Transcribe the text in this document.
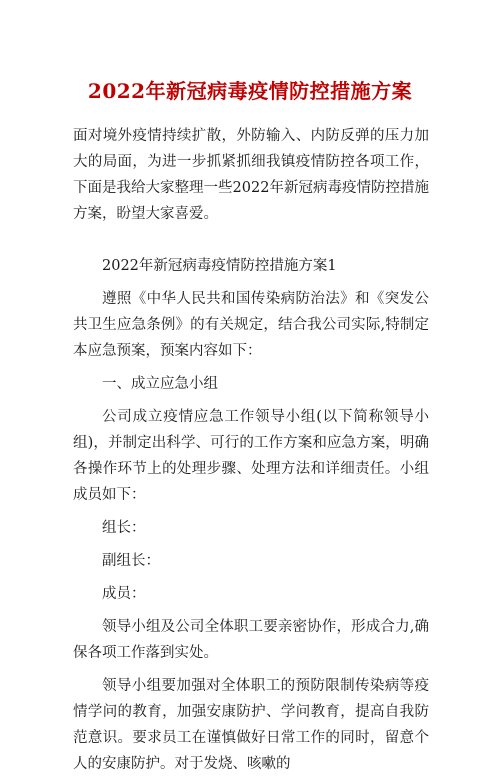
2022年新冠病毒疫情防控措施方案

面对境外疫情持续扩散，外防输入、内防反弹的压力加大的局面，为进一步抓紧抓细我镇疫情防控各项工作，下面是我给大家整理一些2022年新冠病毒疫情防控措施方案，盼望大家喜爱。

2022年新冠病毒疫情防控措施方案1

遵照《中华人民共和国传染病防治法》和《突发公共卫生应急条例》的有关规定，结合我公司实际,特制定本应急预案，预案内容如下：

一、成立应急小组

公司成立疫情应急工作领导小组(以下简称领导小组)，并制定出科学、可行的工作方案和应急方案，明确各操作环节上的处理步骤、处理方法和详细责任。小组成员如下：

组长：

副组长：

成员：

领导小组及公司全体职工要亲密协作，形成合力,确保各项工作落到实处。

领导小组要加强对全体职工的预防限制传染病等疫情学问的教育，加强安康防护、学问教育，提高自我防范意识。要求员工在谨慎做好日常工作的同时，留意个人的安康防护。对于发烧、咳嗽的
